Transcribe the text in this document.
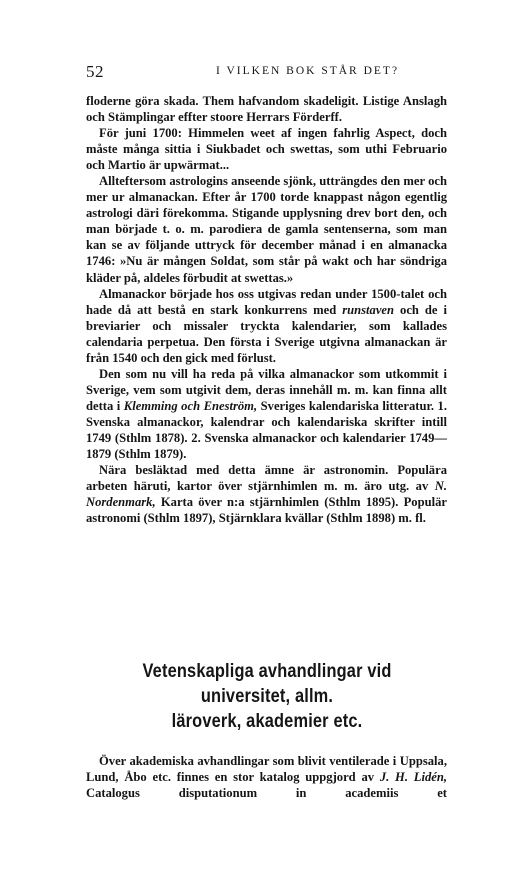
52	I VILKEN BOK STÅR DET?

floderne göra skada. Them hafvandom skadeligit. Listige Anslagh och Stämplingar effter stoore Herrars Förderff.

För juni 1700: Himmelen weet af ingen fahrlig Aspect, doch måste många sittia i Siukbadet och swettas, som uthi Februario och Martio är upwärmat...

Allteftersom astrologins anseende sjönk, utträngdes den mer och mer ur almanackan. Efter år 1700 torde knappast någon egentlig astrologi däri förekomma. Stigande upplysning drev bort den, och man började t. o. m. parodiera de gamla sentenserna, som man kan se av följande uttryck för december månad i en almanacka 1746: »Nu är mången Soldat, som står på wakt och har söndriga kläder på, aldeles förbudit at swettas.»

Almanackor började hos oss utgivas redan under 1500-talet och hade då att bestå en stark konkurrens med runstaven och de i breviarier och missaler tryckta kalendarier, som kallades calendaria perpetua. Den första i Sverige utgivna almanackan är från 1540 och den gick med förlust.

Den som nu vill ha reda på vilka almanackor som utkommit i Sverige, vem som utgivit dem, deras innehåll m. m. kan finna allt detta i Klemming och Eneström, Sveriges kalendariska litteratur. 1. Svenska almanackor, kalendrar och kalendariska skrifter intill 1749 (Sthlm 1878). 2. Svenska almanackor och kalendarier 1749—1879 (Sthlm 1879).

Nära besläktad med detta ämne är astronomin. Populära arbeten häruti, kartor över stjärnhimlen m. m. äro utg. av N. Nordenmark, Karta över n:a stjärnhimlen (Sthlm 1895). Populär astronomi (Sthlm 1897), Stjärnklara kvällar (Sthlm 1898) m. fl.

Vetenskapliga avhandlingar vid universitet, allm.
läroverk, akademier etc.

Över akademiska avhandlingar som blivit ventilerade i Uppsala, Lund, Åbo etc. finnes en stor katalog uppgjord av J. H. Lidén, Catalogus disputationum in academiis et
